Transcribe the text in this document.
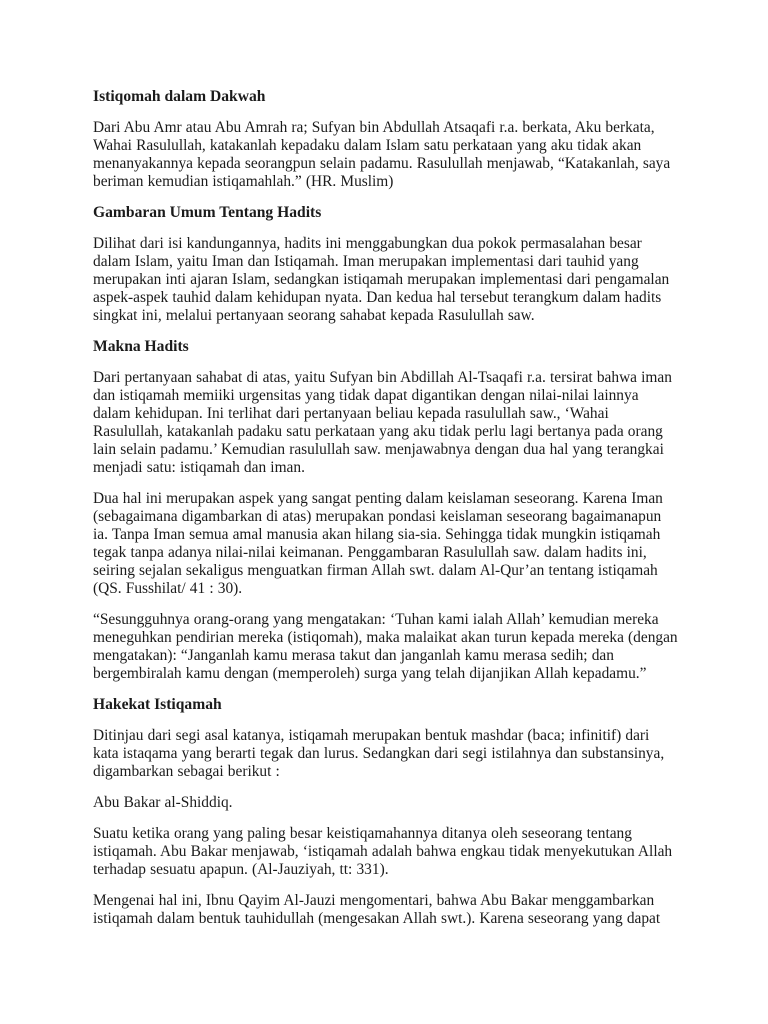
Istiqomah dalam Dakwah

Dari Abu Amr atau Abu Amrah ra; Sufyan bin Abdullah Atsaqafi r.a. berkata, Aku berkata, Wahai Rasulullah, katakanlah kepadaku dalam Islam satu perkataan yang aku tidak akan menanyakannya kepada seorangpun selain padamu. Rasulullah menjawab, “Katakanlah, saya beriman kemudian istiqamahlah.” (HR. Muslim)

Gambaran Umum Tentang Hadits

Dilihat dari isi kandungannya, hadits ini menggabungkan dua pokok permasalahan besar dalam Islam, yaitu Iman dan Istiqamah. Iman merupakan implementasi dari tauhid yang merupakan inti ajaran Islam, sedangkan istiqamah merupakan implementasi dari pengamalan aspek-aspek tauhid dalam kehidupan nyata. Dan kedua hal tersebut terangkum dalam hadits singkat ini, melalui pertanyaan seorang sahabat kepada Rasulullah saw.

Makna Hadits

Dari pertanyaan sahabat di atas, yaitu Sufyan bin Abdillah Al-Tsaqafi r.a. tersirat bahwa iman dan istiqamah memiiki urgensitas yang tidak dapat digantikan dengan nilai-nilai lainnya dalam kehidupan. Ini terlihat dari pertanyaan beliau kepada rasulullah saw., ‘Wahai Rasulullah, katakanlah padaku satu perkataan yang aku tidak perlu lagi bertanya pada orang lain selain padamu.’ Kemudian rasulullah saw. menjawabnya dengan dua hal yang terangkai menjadi satu: istiqamah dan iman.

Dua hal ini merupakan aspek yang sangat penting dalam keislaman seseorang. Karena Iman (sebagaimana digambarkan di atas) merupakan pondasi keislaman seseorang bagaimanapun ia. Tanpa Iman semua amal manusia akan hilang sia-sia. Sehingga tidak mungkin istiqamah tegak tanpa adanya nilai-nilai keimanan. Penggambaran Rasulullah saw. dalam hadits ini, seiring sejalan sekaligus menguatkan firman Allah swt. dalam Al-Qur’an tentang istiqamah (QS. Fusshilat/ 41 : 30).

“Sesungguhnya orang-orang yang mengatakan: ‘Tuhan kami ialah Allah’ kemudian mereka meneguhkan pendirian mereka (istiqomah), maka malaikat akan turun kepada mereka (dengan mengatakan): “Janganlah kamu merasa takut dan janganlah kamu merasa sedih; dan bergembiralah kamu dengan (memperoleh) surga yang telah dijanjikan Allah kepadamu.”

Hakekat Istiqamah

Ditinjau dari segi asal katanya, istiqamah merupakan bentuk mashdar (baca; infinitif) dari kata istaqama yang berarti tegak dan lurus. Sedangkan dari segi istilahnya dan substansinya, digambarkan sebagai berikut :

Abu Bakar al-Shiddiq.

Suatu ketika orang yang paling besar keistiqamahannya ditanya oleh seseorang tentang istiqamah. Abu Bakar menjawab, ‘istiqamah adalah bahwa engkau tidak menyekutukan Allah terhadap sesuatu apapun. (Al-Jauziyah, tt: 331).

Mengenai hal ini, Ibnu Qayim Al-Jauzi mengomentari, bahwa Abu Bakar menggambarkan istiqamah dalam bentuk tauhidullah (mengesakan Allah swt.). Karena seseorang yang dapat
